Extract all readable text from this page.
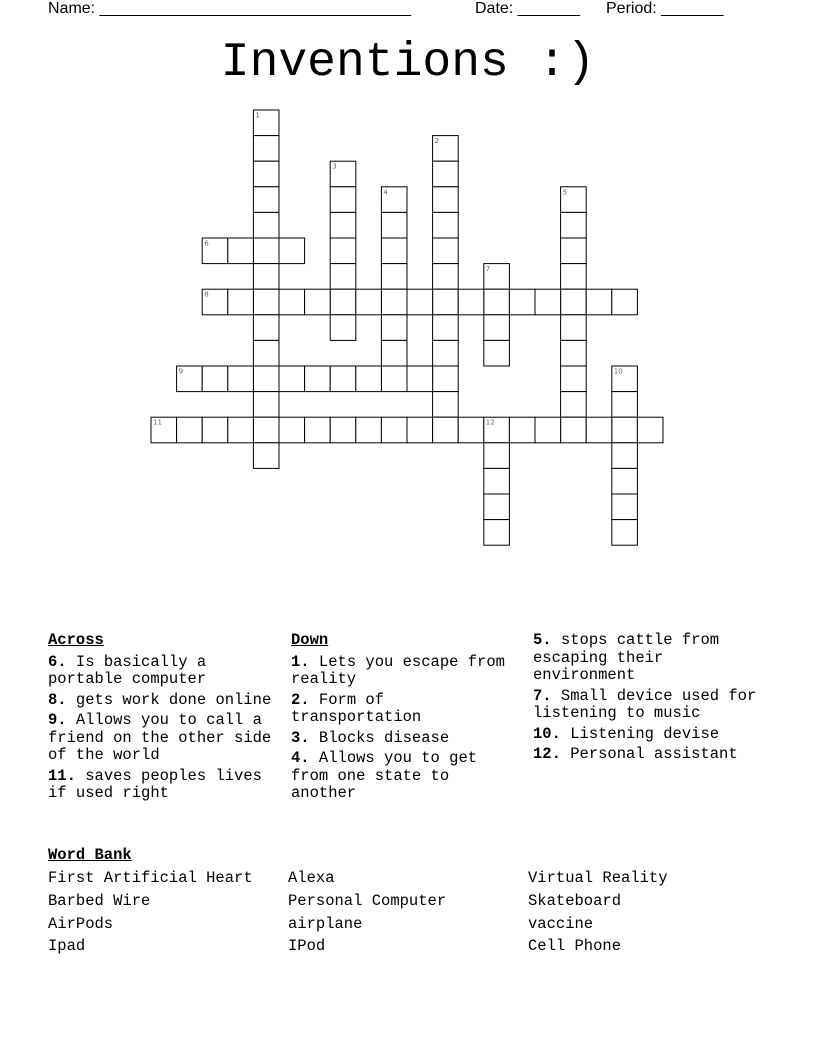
Name: ___________________________________	Date: _______ Period: _______
Inventions :)
1
2
3
4	5
6
7
8
9	10
11	12
Across
6. Is basically a portable computer
8. gets work done online
9. Allows you to call a friend on the other side of the world
11. saves peoples lives if used right
Down
1. Lets you escape from reality
2. Form of transportation
3. Blocks disease
4. Allows you to get from one state to another
5. stops cattle from escaping their environment
7. Small device used for listening to music
10. Listening devise
12. Personal assistant
Word Bank
First Artificial Heart
Barbed Wire
AirPods
Ipad
Alexa
Personal Computer
airplane
IPod
Virtual Reality
Skateboard
vaccine
Cell Phone
